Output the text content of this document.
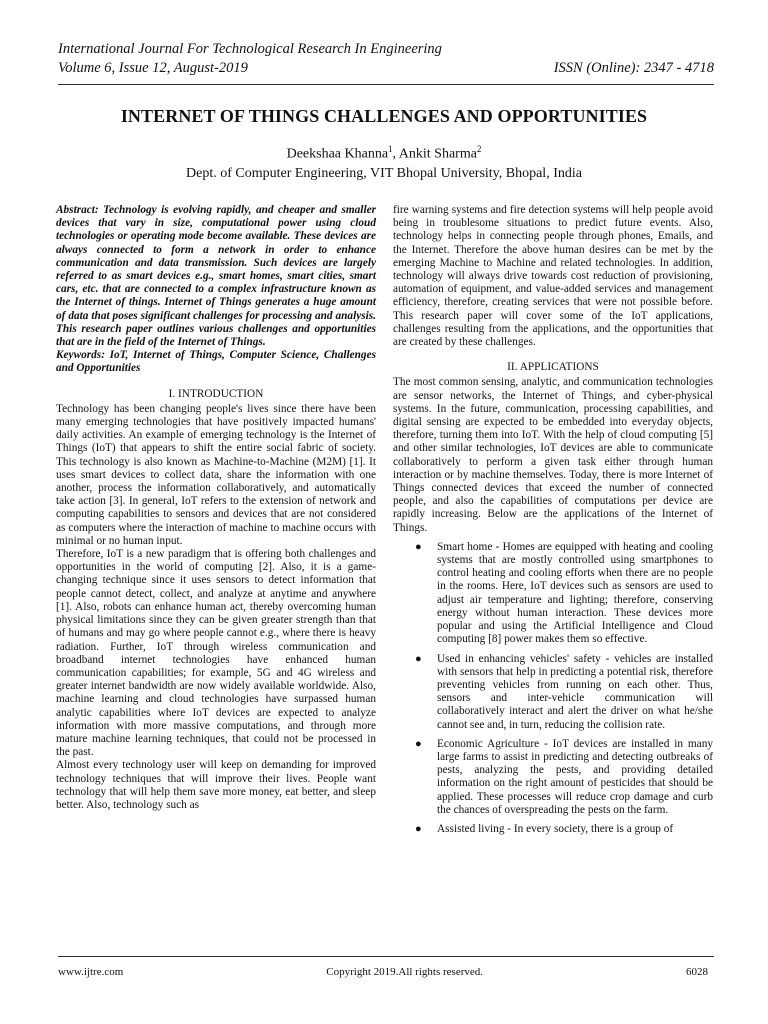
International Journal For Technological Research In Engineering
Volume 6, Issue 12, August-2019	ISSN (Online): 2347 - 4718
INTERNET OF THINGS CHALLENGES AND OPPORTUNITIES
Deekshaa Khanna$^1$, Ankit Sharma$^2$
Dept. of Computer Engineering, VIT Bhopal University, Bhopal, India

Abstract: Technology is evolving rapidly, and cheaper and smaller devices that vary in size, computational power using cloud technologies or operating mode become available. These devices are always connected to form a network in order to enhance communication and data transmission. Such devices are largely referred to as smart devices e.g., smart homes, smart cities, smart cars, etc. that are connected to a complex infrastructure known as the Internet of things. Internet of Things generates a huge amount of data that poses significant challenges for processing and analysis. This research paper outlines various challenges and opportunities that are in the field of the Internet of Things.

Keywords: IoT, Internet of Things, Computer Science, Challenges and Opportunities

I. INTRODUCTION

Technology has been changing people's lives since there have been many emerging technologies that have positively impacted humans' daily activities. An example of emerging technology is the Internet of Things (IoT) that appears to shift the entire social fabric of society. This technology is also known as Machine-to-Machine (M2M) [1]. It uses smart devices to collect data, share the information with one another, process the information collaboratively, and automatically take action [3]. In general, IoT refers to the extension of network and computing capabilities to sensors and devices that are not considered as computers where the interaction of machine to machine occurs with minimal or no human input.

Therefore, IoT is a new paradigm that is offering both challenges and opportunities in the world of computing [2]. Also, it is a game-changing technique since it uses sensors to detect information that people cannot detect, collect, and analyze at anytime and anywhere [1]. Also, robots can enhance human act, thereby overcoming human physical limitations since they can be given greater strength than that of humans and may go where people cannot e.g., where there is heavy radiation. Further, IoT through wireless communication and broadband internet technologies have enhanced human communication capabilities; for example, 5G and 4G wireless and greater internet bandwidth are now widely available worldwide. Also, machine learning and cloud technologies have surpassed human analytic capabilities where IoT devices are expected to analyze information with more massive computations, and through more mature machine learning techniques, that could not be processed in the past.

Almost every technology user will keep on demanding for improved technology techniques that will improve their lives. People want technology that will help them save more money, eat better, and sleep better. Also, technology such as

fire warning systems and fire detection systems will help people avoid being in troublesome situations to predict future events. Also, technology helps in connecting people through phones, Emails, and the Internet. Therefore the above human desires can be met by the emerging Machine to Machine and related technologies. In addition, technology will always drive towards cost reduction of provisioning, automation of equipment, and value-added services and management efficiency, therefore, creating services that were not possible before. This research paper will cover some of the IoT applications, challenges resulting from the applications, and the opportunities that are created by these challenges.

II. APPLICATIONS

The most common sensing, analytic, and communication technologies are sensor networks, the Internet of Things, and cyber-physical systems. In the future, communication, processing capabilities, and digital sensing are expected to be embedded into everyday objects, therefore, turning them into IoT. With the help of cloud computing [5] and other similar technologies, IoT devices are able to communicate collaboratively to perform a given task either through human interaction or by machine themselves. Today, there is more Internet of Things connected devices that exceed the number of connected people, and also the capabilities of computations per device are rapidly increasing. Below are the applications of the Internet of Things.

● Smart home - Homes are equipped with heating and cooling systems that are mostly controlled using smartphones to control heating and cooling efforts when there are no people in the rooms. Here, IoT devices such as sensors are used to adjust air temperature and lighting; therefore, conserving energy without human interaction. These devices more popular and using the Artificial Intelligence and Cloud computing [8] power makes them so effective.
● Used in enhancing vehicles' safety - vehicles are installed with sensors that help in predicting a potential risk, therefore preventing vehicles from running on each other. Thus, sensors and inter-vehicle communication will collaboratively interact and alert the driver on what he/she cannot see and, in turn, reducing the collision rate.
● Economic Agriculture - IoT devices are installed in many large farms to assist in predicting and detecting outbreaks of pests, analyzing the pests, and providing detailed information on the right amount of pesticides that should be applied. These processes will reduce crop damage and curb the chances of overspreading the pests on the farm.
● Assisted living - In every society, there is a group of
www.ijtre.com	Copyright 2019.All rights reserved.	6028
